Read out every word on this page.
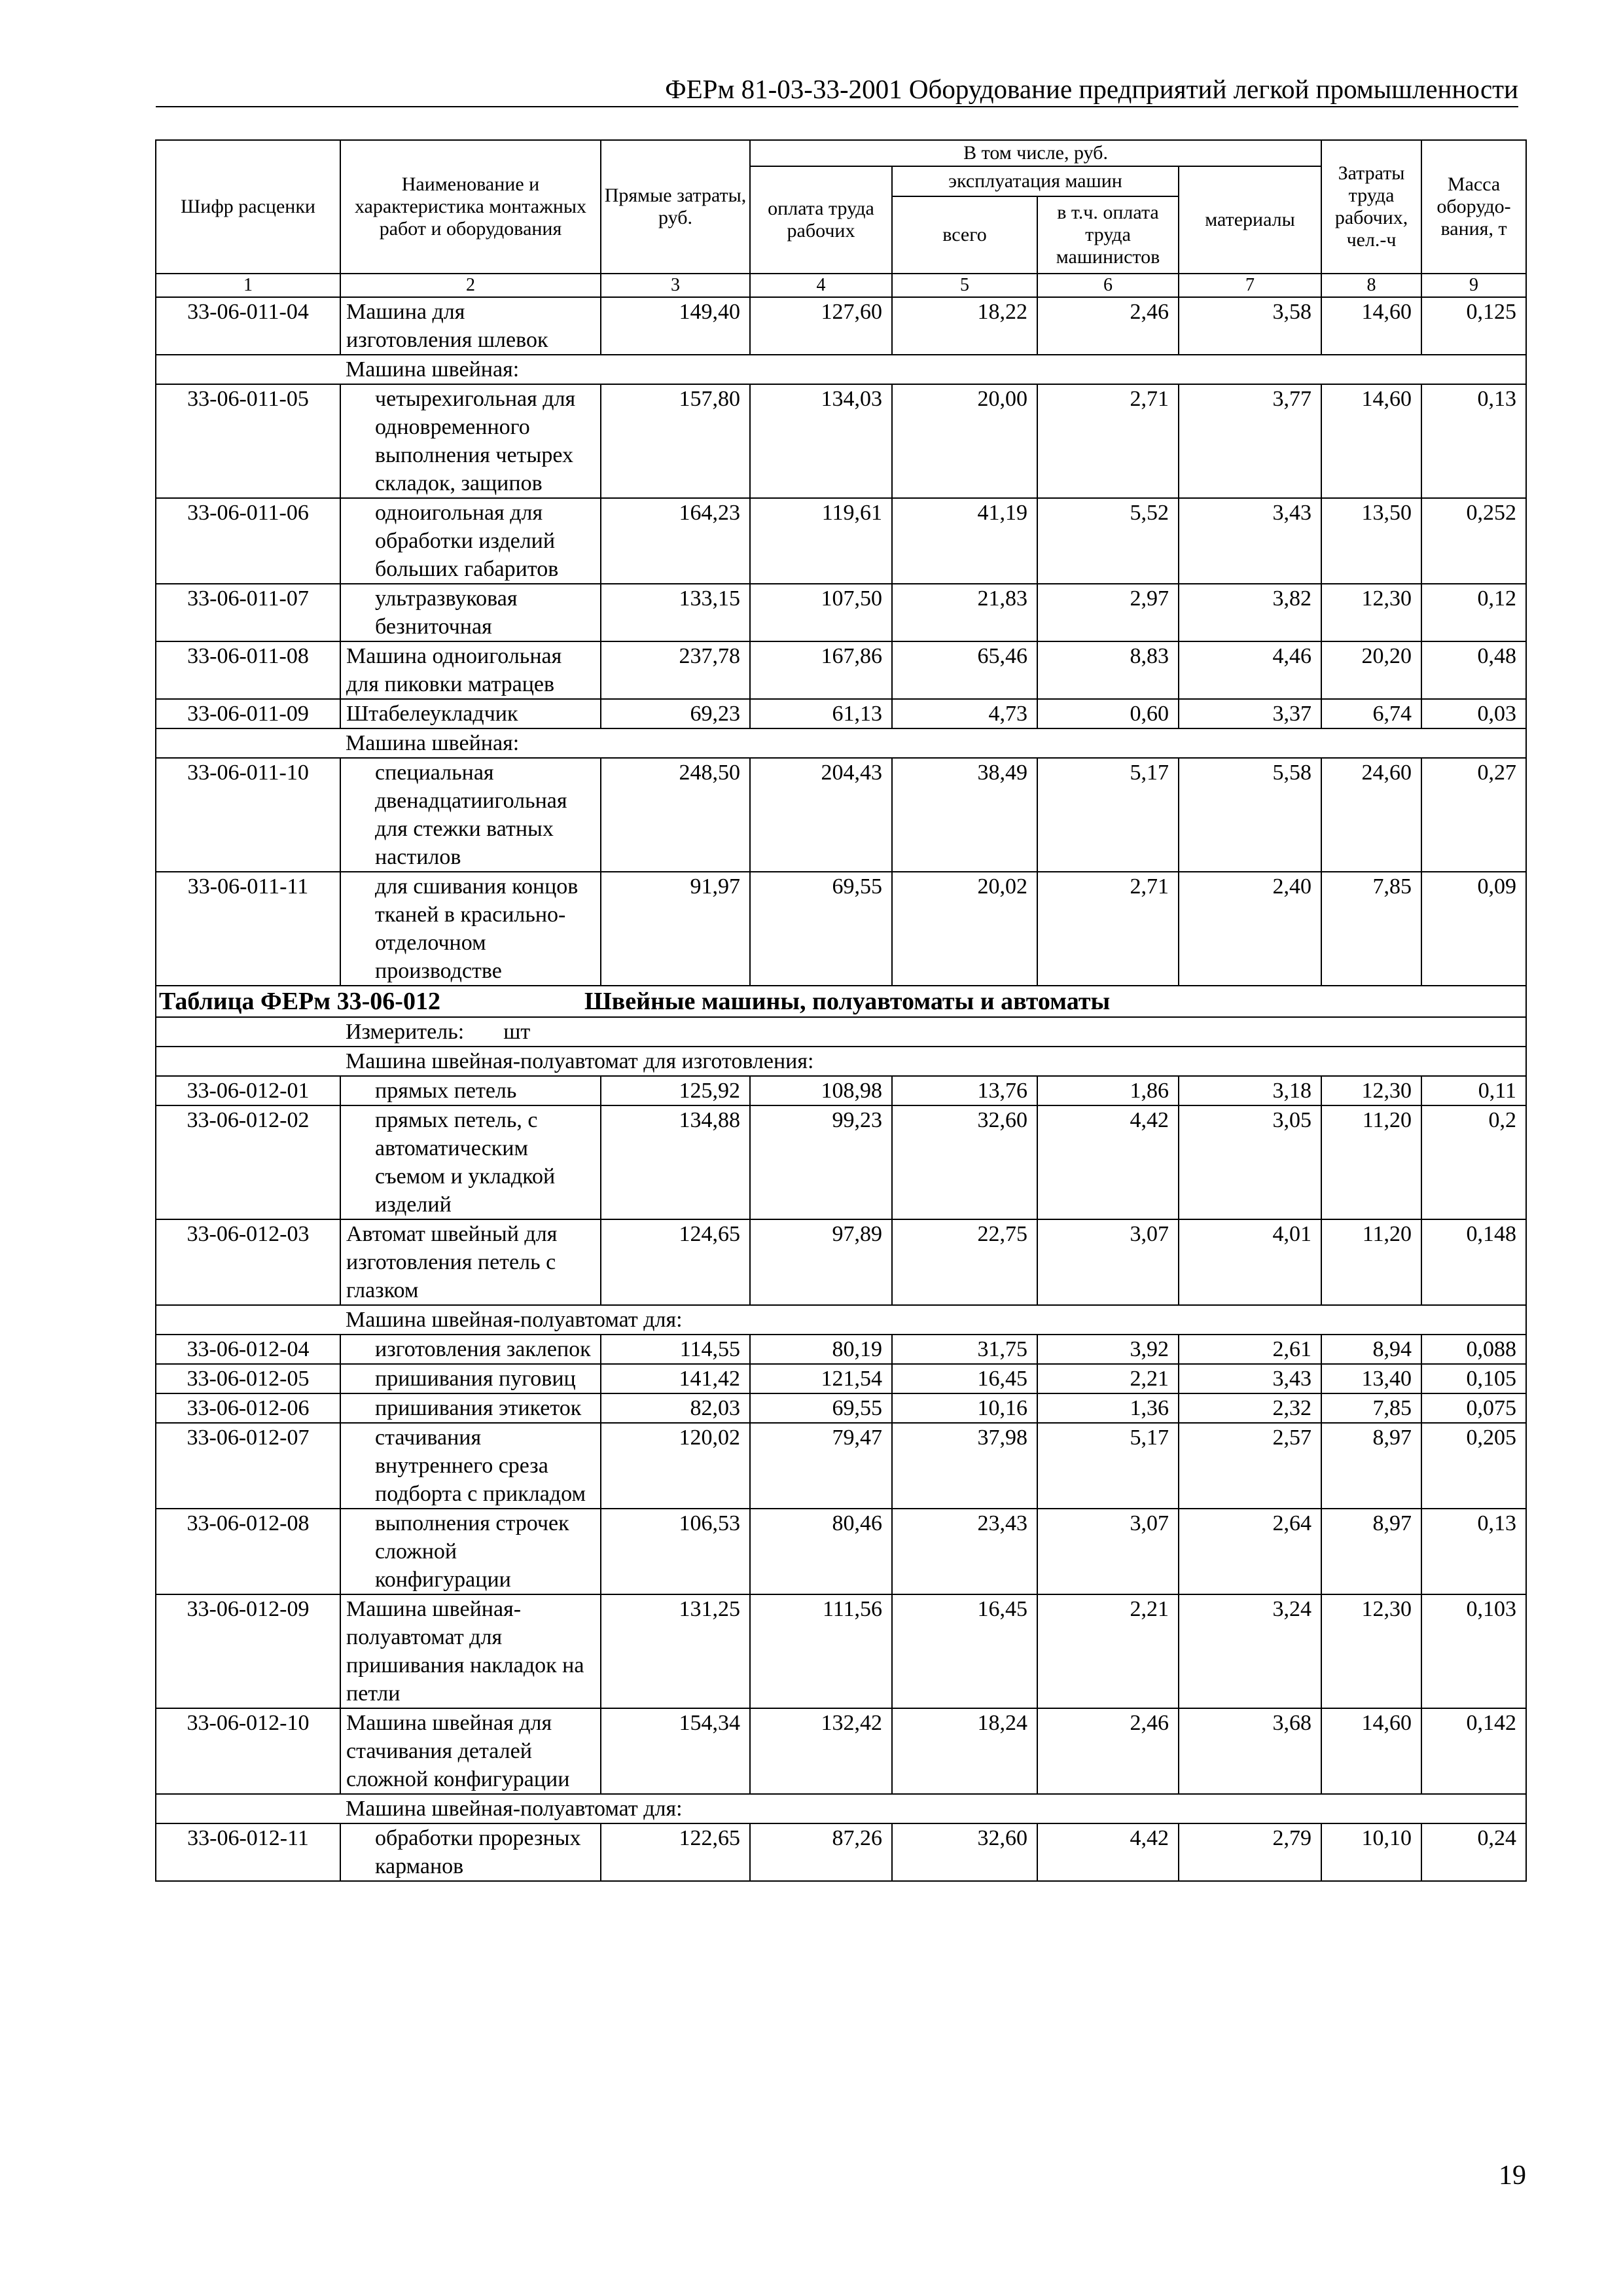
ФЕРм 81-03-33-2001 Оборудование предприятий легкой промышленности
Шифр расценки	Наименование и характеристика монтажных работ и оборудования	Прямые затраты, руб.	В том числе, руб.				Затраты труда рабочих, чел.-ч	Масса оборудо-вания, т
			оплата труда рабочих	эксплуатация машин		материалы		
				всего	в т.ч. оплата труда машинистов			
1	2	3	4	5	6	7	8	9
33-06-011-04	Машина для изготовления шлевок	149,40	127,60	18,22	2,46	3,58	14,60	0,125
	Машина швейная:							
33-06-011-05	четырехигольная для одновременного выполнения четырех складок, защипов	157,80	134,03	20,00	2,71	3,77	14,60	0,13
33-06-011-06	одноигольная для обработки изделий больших габаритов	164,23	119,61	41,19	5,52	3,43	13,50	0,252
33-06-011-07	ультразвуковая безниточная	133,15	107,50	21,83	2,97	3,82	12,30	0,12
33-06-011-08	Машина одноигольная для пиковки матрацев	237,78	167,86	65,46	8,83	4,46	20,20	0,48
33-06-011-09	Штабелеукладчик	69,23	61,13	4,73	0,60	3,37	6,74	0,03
	Машина швейная:							
33-06-011-10	специальная двенадцатиигольная для стежки ватных настилов	248,50	204,43	38,49	5,17	5,58	24,60	0,27
33-06-011-11	для сшивания концов тканей в красильно-отделочном производстве	91,97	69,55	20,02	2,71	2,40	7,85	0,09
Таблица ФЕРм 33-06-012 Швейные машины, полуавтоматы и автоматы								
	Измеритель: шт							
	Машина швейная-полуавтомат для изготовления:							
33-06-012-01	прямых петель	125,92	108,98	13,76	1,86	3,18	12,30	0,11
33-06-012-02	прямых петель, с автоматическим съемом и укладкой изделий	134,88	99,23	32,60	4,42	3,05	11,20	0,2
33-06-012-03	Автомат швейный для изготовления петель с глазком	124,65	97,89	22,75	3,07	4,01	11,20	0,148
	Машина швейная-полуавтомат для:							
33-06-012-04	изготовления заклепок	114,55	80,19	31,75	3,92	2,61	8,94	0,088
33-06-012-05	пришивания пуговиц	141,42	121,54	16,45	2,21	3,43	13,40	0,105
33-06-012-06	пришивания этикеток	82,03	69,55	10,16	1,36	2,32	7,85	0,075
33-06-012-07	стачивания внутреннего среза подборта с прикладом	120,02	79,47	37,98	5,17	2,57	8,97	0,205
33-06-012-08	выполнения строчек сложной конфигурации	106,53	80,46	23,43	3,07	2,64	8,97	0,13
33-06-012-09	Машина швейная-полуавтомат для пришивания накладок на петли	131,25	111,56	16,45	2,21	3,24	12,30	0,103
33-06-012-10	Машина швейная для стачивания деталей сложной конфигурации	154,34	132,42	18,24	2,46	3,68	14,60	0,142
	Машина швейная-полуавтомат для:							
33-06-012-11	обработки прорезных карманов	122,65	87,26	32,60	4,42	2,79	10,10	0,24
19
